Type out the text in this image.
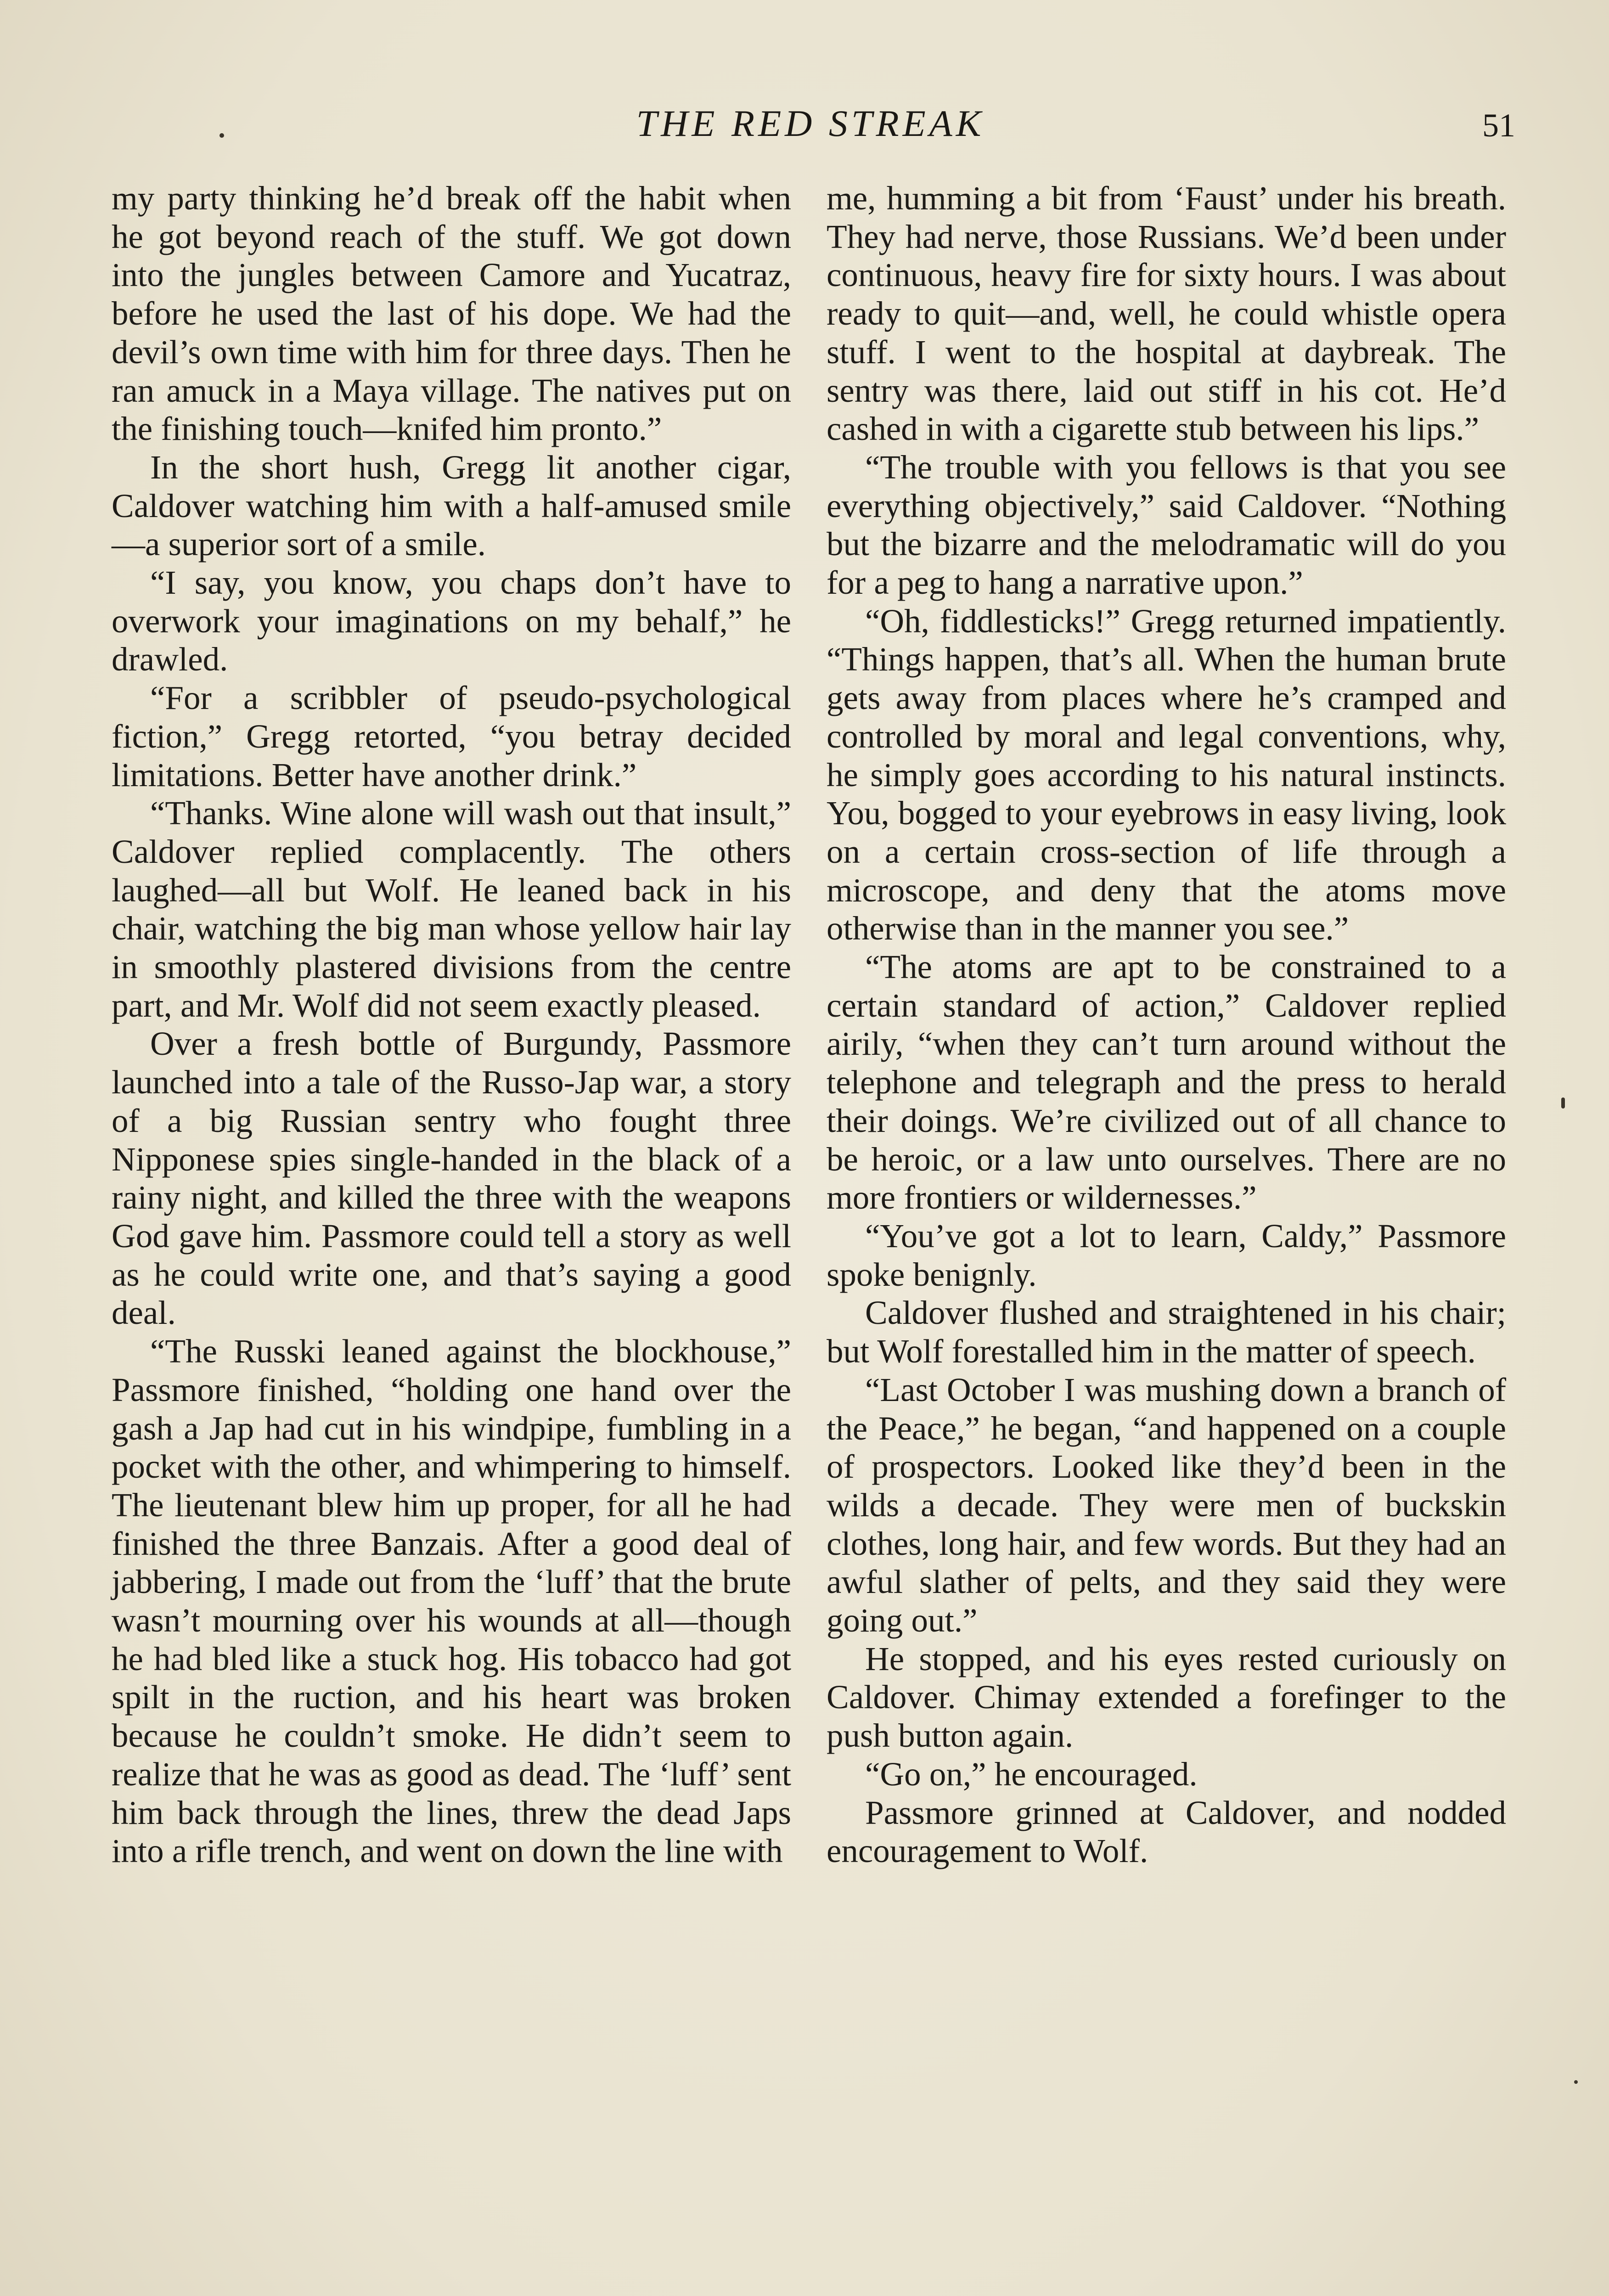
THE RED STREAK	51

my party thinking he’d break off the habit when he got beyond reach of the stuff. We got down into the jungles between Camore and Yucatraz, before he used the last of his dope. We had the devil’s own time with him for three days. Then he ran amuck in a Maya village. The natives put on the finishing touch—knifed him pronto.”

In the short hush, Gregg lit another cigar, Caldover watching him with a half-amused smile—a superior sort of a smile.

“I say, you know, you chaps don’t have to overwork your imaginations on my behalf,” he drawled.

“For a scribbler of pseudo-psychological fiction,” Gregg retorted, “you betray decided limitations. Better have another drink.”

“Thanks. Wine alone will wash out that insult,” Caldover replied complacently. The others laughed—all but Wolf. He leaned back in his chair, watching the big man whose yellow hair lay in smoothly plastered divisions from the centre part, and Mr. Wolf did not seem exactly pleased.

Over a fresh bottle of Burgundy, Passmore launched into a tale of the Russo-Jap war, a story of a big Russian sentry who fought three Nipponese spies single-handed in the black of a rainy night, and killed the three with the weapons God gave him. Passmore could tell a story as well as he could write one, and that’s saying a good deal.

“The Russki leaned against the blockhouse,” Passmore finished, “holding one hand over the gash a Jap had cut in his windpipe, fumbling in a pocket with the other, and whimpering to himself. The lieutenant blew him up proper, for all he had finished the three Banzais. After a good deal of jabbering, I made out from the ‘luff’ that the brute wasn’t mourning over his wounds at all—though he had bled like a stuck hog. His tobacco had got spilt in the ruction, and his heart was broken because he couldn’t smoke. He didn’t seem to realize that he was as good as dead. The ‘luff’ sent him back through the lines, threw the dead Japs into a rifle trench, and went on down the line with

me, humming a bit from ‘Faust’ under his breath. They had nerve, those Russians. We’d been under continuous, heavy fire for sixty hours. I was about ready to quit—and, well, he could whistle opera stuff. I went to the hospital at daybreak. The sentry was there, laid out stiff in his cot. He’d cashed in with a cigarette stub between his lips.”

“The trouble with you fellows is that you see everything objectively,” said Caldover. “Nothing but the bizarre and the melodramatic will do you for a peg to hang a narrative upon.”

“Oh, fiddlesticks!” Gregg returned impatiently. “Things happen, that’s all. When the human brute gets away from places where he’s cramped and controlled by moral and legal conventions, why, he simply goes according to his natural instincts. You, bogged to your eyebrows in easy living, look on a certain cross-section of life through a microscope, and deny that the atoms move otherwise than in the manner you see.”

“The atoms are apt to be constrained to a certain standard of action,” Caldover replied airily, “when they can’t turn around without the telephone and telegraph and the press to herald their doings. We’re civilized out of all chance to be heroic, or a law unto ourselves. There are no more frontiers or wildernesses.”

“You’ve got a lot to learn, Caldy,” Passmore spoke benignly.

Caldover flushed and straightened in his chair; but Wolf forestalled him in the matter of speech.

“Last October I was mushing down a branch of the Peace,” he began, “and happened on a couple of prospectors. Looked like they’d been in the wilds a decade. They were men of buckskin clothes, long hair, and few words. But they had an awful slather of pelts, and they said they were going out.”

He stopped, and his eyes rested curiously on Caldover. Chimay extended a forefinger to the push button again.

“Go on,” he encouraged.

Passmore grinned at Caldover, and nodded encouragement to Wolf.
